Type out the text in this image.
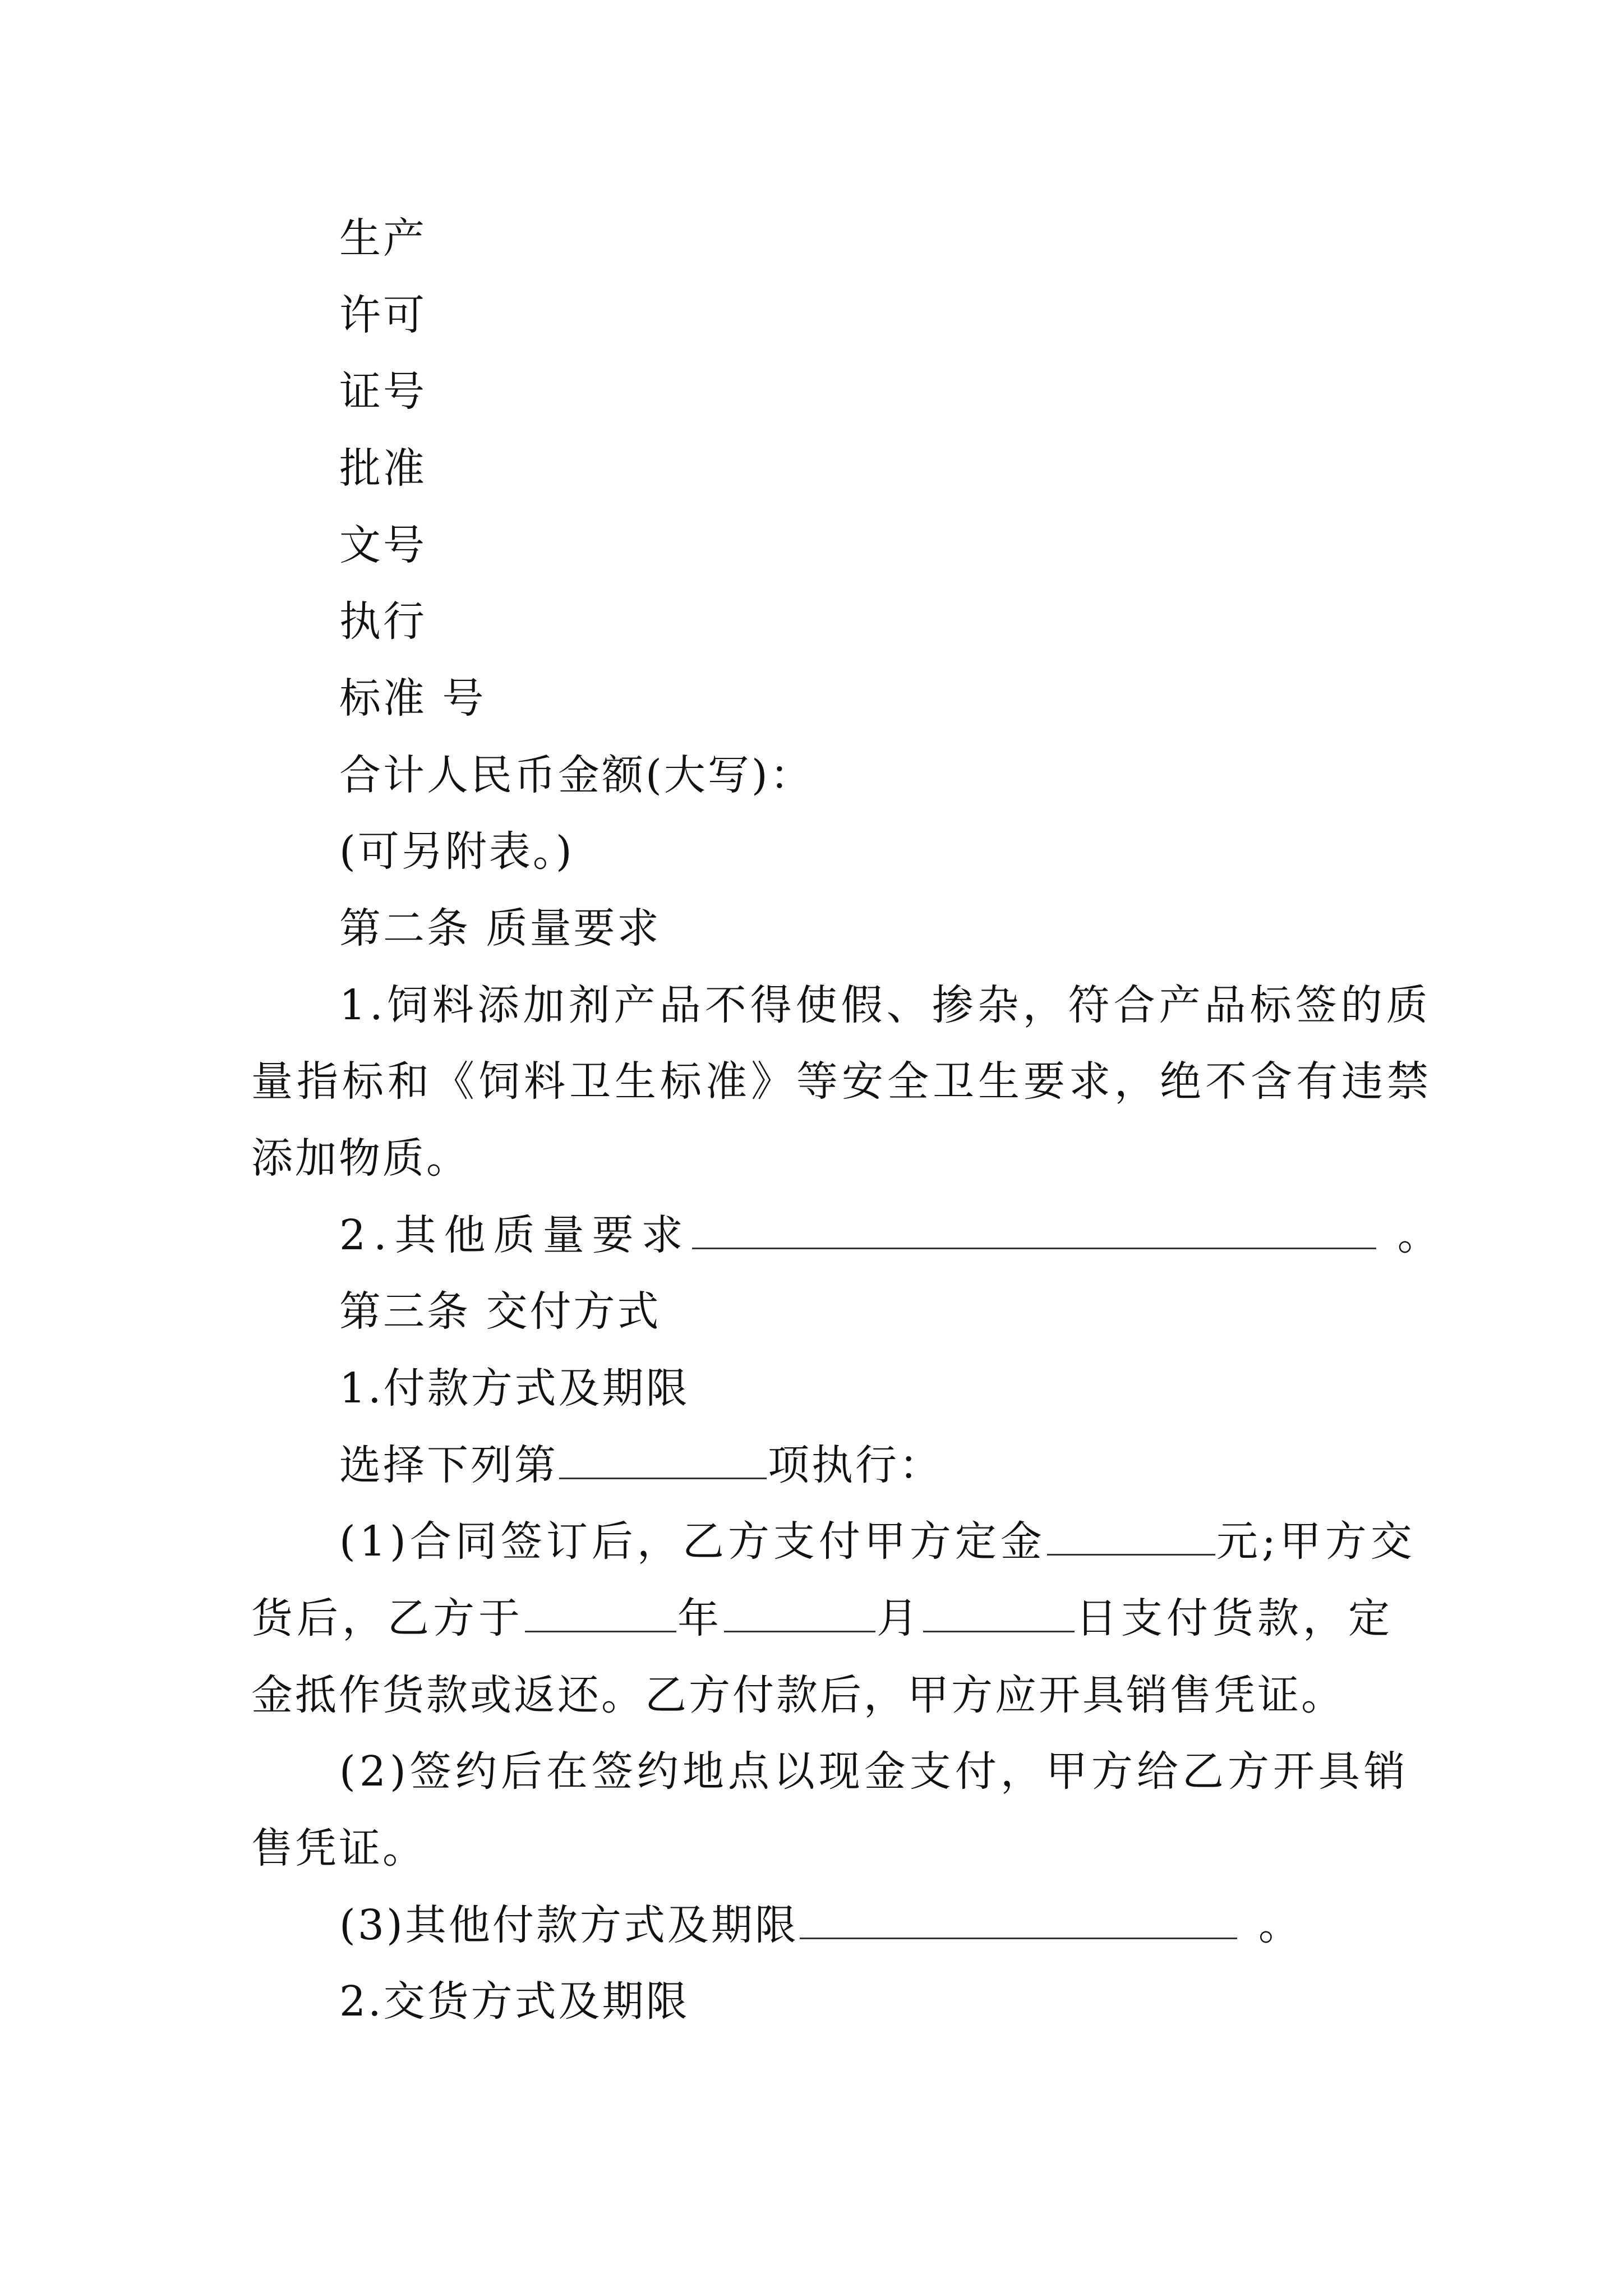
生产
许可
证号
批准
文号
执行
标准 号
合计人民币金额(大写)：
(可另附表。)
第二条 质量要求
1.饲料添加剂产品不得使假、掺杂，符合产品标签的质
量指标和《饲料卫生标准》等安全卫生要求，绝不含有违禁
添加物质。
2.其他质量要求	。
第三条 交付方式
1.付款方式及期限
选择下列第	项执行：
(1)合同签订后，乙方支付甲方定金	元;甲方交
货后，乙方于	年	月	日支付货款，定
金抵作货款或返还。乙方付款后，甲方应开具销售凭证。
(2)签约后在签约地点以现金支付，甲方给乙方开具销
售凭证。
(3)其他付款方式及期限	。
2.交货方式及期限
